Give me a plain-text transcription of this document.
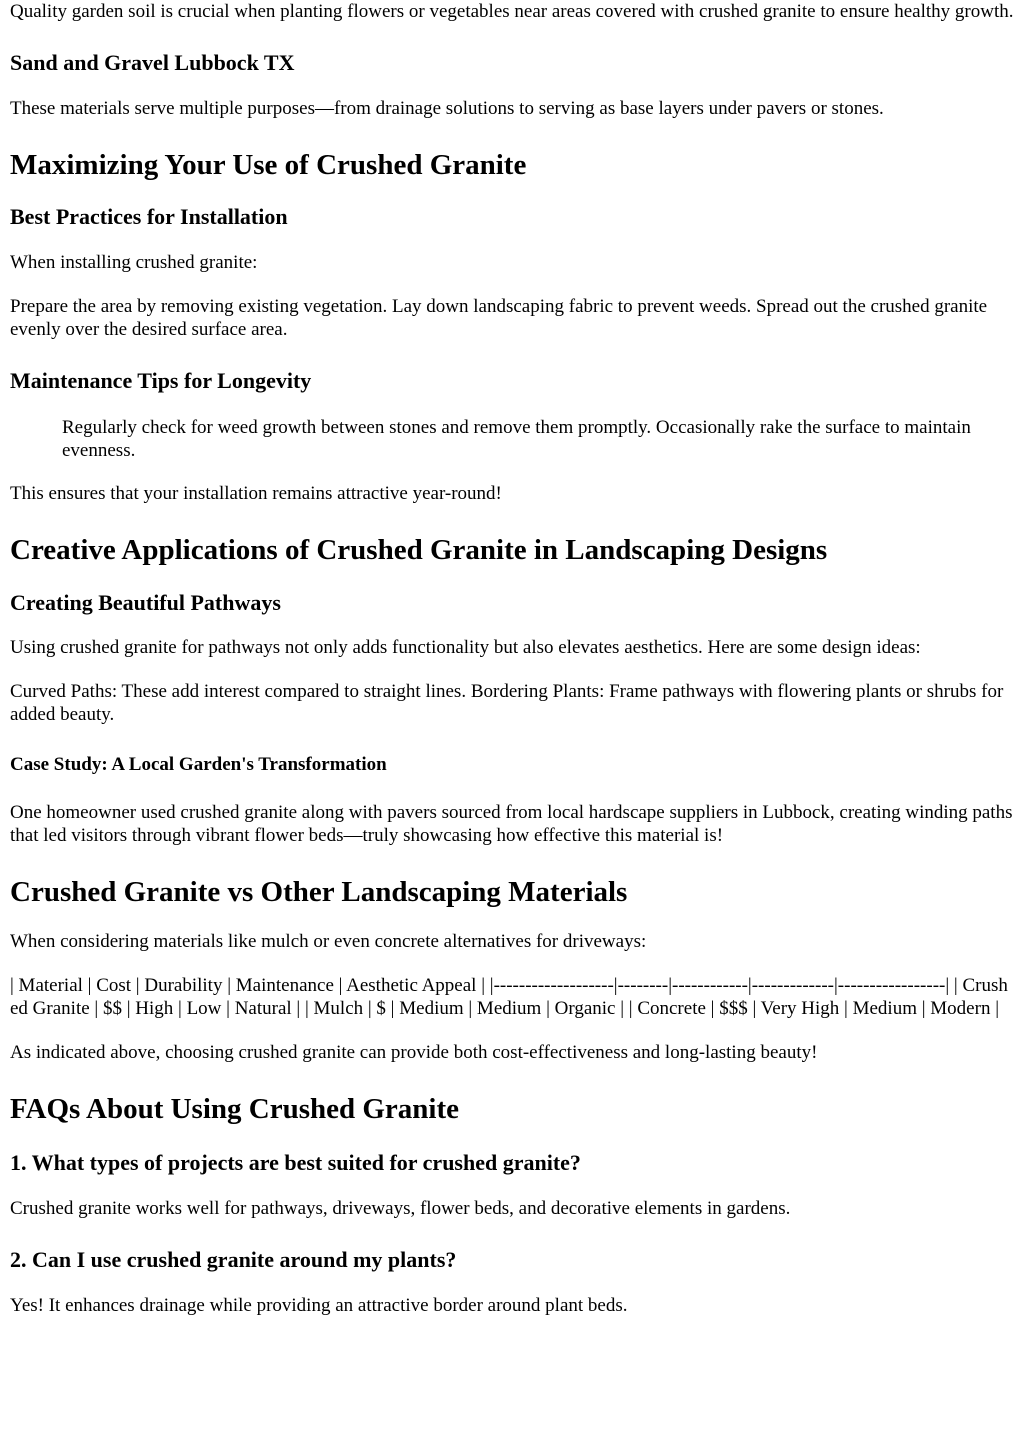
Quality garden soil is crucial when planting flowers or vegetables near areas covered with crushed granite to ensure healthy growth.

Sand and Gravel Lubbock TX

These materials serve multiple purposes—from drainage solutions to serving as base layers under pavers or stones.

Maximizing Your Use of Crushed Granite
Best Practices for Installation

When installing crushed granite:

Prepare the area by removing existing vegetation. Lay down landscaping fabric to prevent weeds. Spread out the crushed granite evenly over the desired surface area.

Maintenance Tips for Longevity
Regularly check for weed growth between stones and remove them promptly. Occasionally rake the surface to maintain evenness.

This ensures that your installation remains attractive year-round!

Creative Applications of Crushed Granite in Landscaping Designs
Creating Beautiful Pathways

Using crushed granite for pathways not only adds functionality but also elevates aesthetics. Here are some design ideas:

Curved Paths: These add interest compared to straight lines. Bordering Plants: Frame pathways with flowering plants or shrubs for added beauty.

Case Study: A Local Garden's Transformation

One homeowner used crushed granite along with pavers sourced from local hardscape suppliers in Lubbock, creating winding paths that led visitors through vibrant flower beds—truly showcasing how effective this material is!

Crushed Granite vs Other Landscaping Materials

When considering materials like mulch or even concrete alternatives for driveways:

| Material | Cost | Durability | Maintenance | Aesthetic Appeal | |-------------------|--------|------------|-------------|-----------------| | Crushed Granite | $$ | High | Low | Natural | | Mulch | $ | Medium | Medium | Organic | | Concrete | $$$ | Very High | Medium | Modern |

As indicated above, choosing crushed granite can provide both cost-effectiveness and long-lasting beauty!

FAQs About Using Crushed Granite
1. What types of projects are best suited for crushed granite?

Crushed granite works well for pathways, driveways, flower beds, and decorative elements in gardens.

2. Can I use crushed granite around my plants?

Yes! It enhances drainage while providing an attractive border around plant beds.
